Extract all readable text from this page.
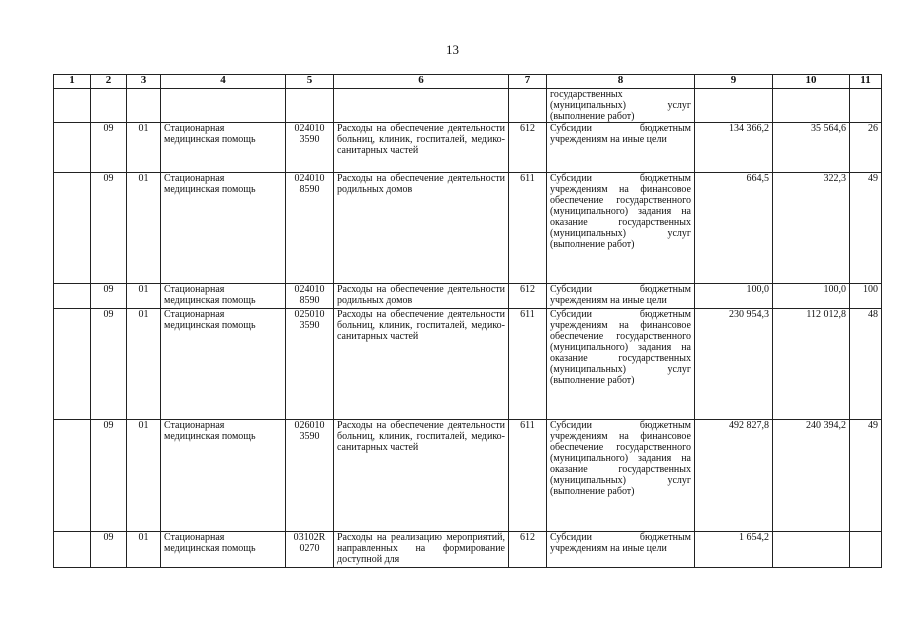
13
1	2	3	4	5	6	7	8	9	10	11
							государственных (муниципальных) услуг (выполнение работ)			
	09	01	Стационарная медицинская помощь	024010 3590	Расходы на обеспечение деятельности больниц, клиник, госпиталей, медико-санитарных частей	612	Субсидии бюджетным учреждениям на иные цели	134 366,2	35 564,6	26
	09	01	Стационарная медицинская помощь	024010 8590	Расходы на обеспечение деятельности родильных домов	611	Субсидии бюджетным учреждениям на финансовое обеспечение государственного (муниципального) задания на оказание государственных (муниципальных) услуг (выполнение работ)	664,5	322,3	49
	09	01	Стационарная медицинская помощь	024010 8590	Расходы на обеспечение деятельности родильных домов	612	Субсидии бюджетным учреждениям на иные цели	100,0	100,0	100
	09	01	Стационарная медицинская помощь	025010 3590	Расходы на обеспечение деятельности больниц, клиник, госпиталей, медико-санитарных частей	611	Субсидии бюджетным учреждениям на финансовое обеспечение государственного (муниципального) задания на оказание государственных (муниципальных) услуг (выполнение работ)	230 954,3	112 012,8	48
	09	01	Стационарная медицинская помощь	026010 3590	Расходы на обеспечение деятельности больниц, клиник, госпиталей, медико-санитарных частей	611	Субсидии бюджетным учреждениям на финансовое обеспечение государственного (муниципального) задания на оказание государственных (муниципальных) услуг (выполнение работ)	492 827,8	240 394,2	49
	09	01	Стационарная медицинская помощь	03102R 0270	Расходы на реализацию мероприятий, направленных на формирование доступной для	612	Субсидии бюджетным учреждениям на иные цели	1 654,2		
